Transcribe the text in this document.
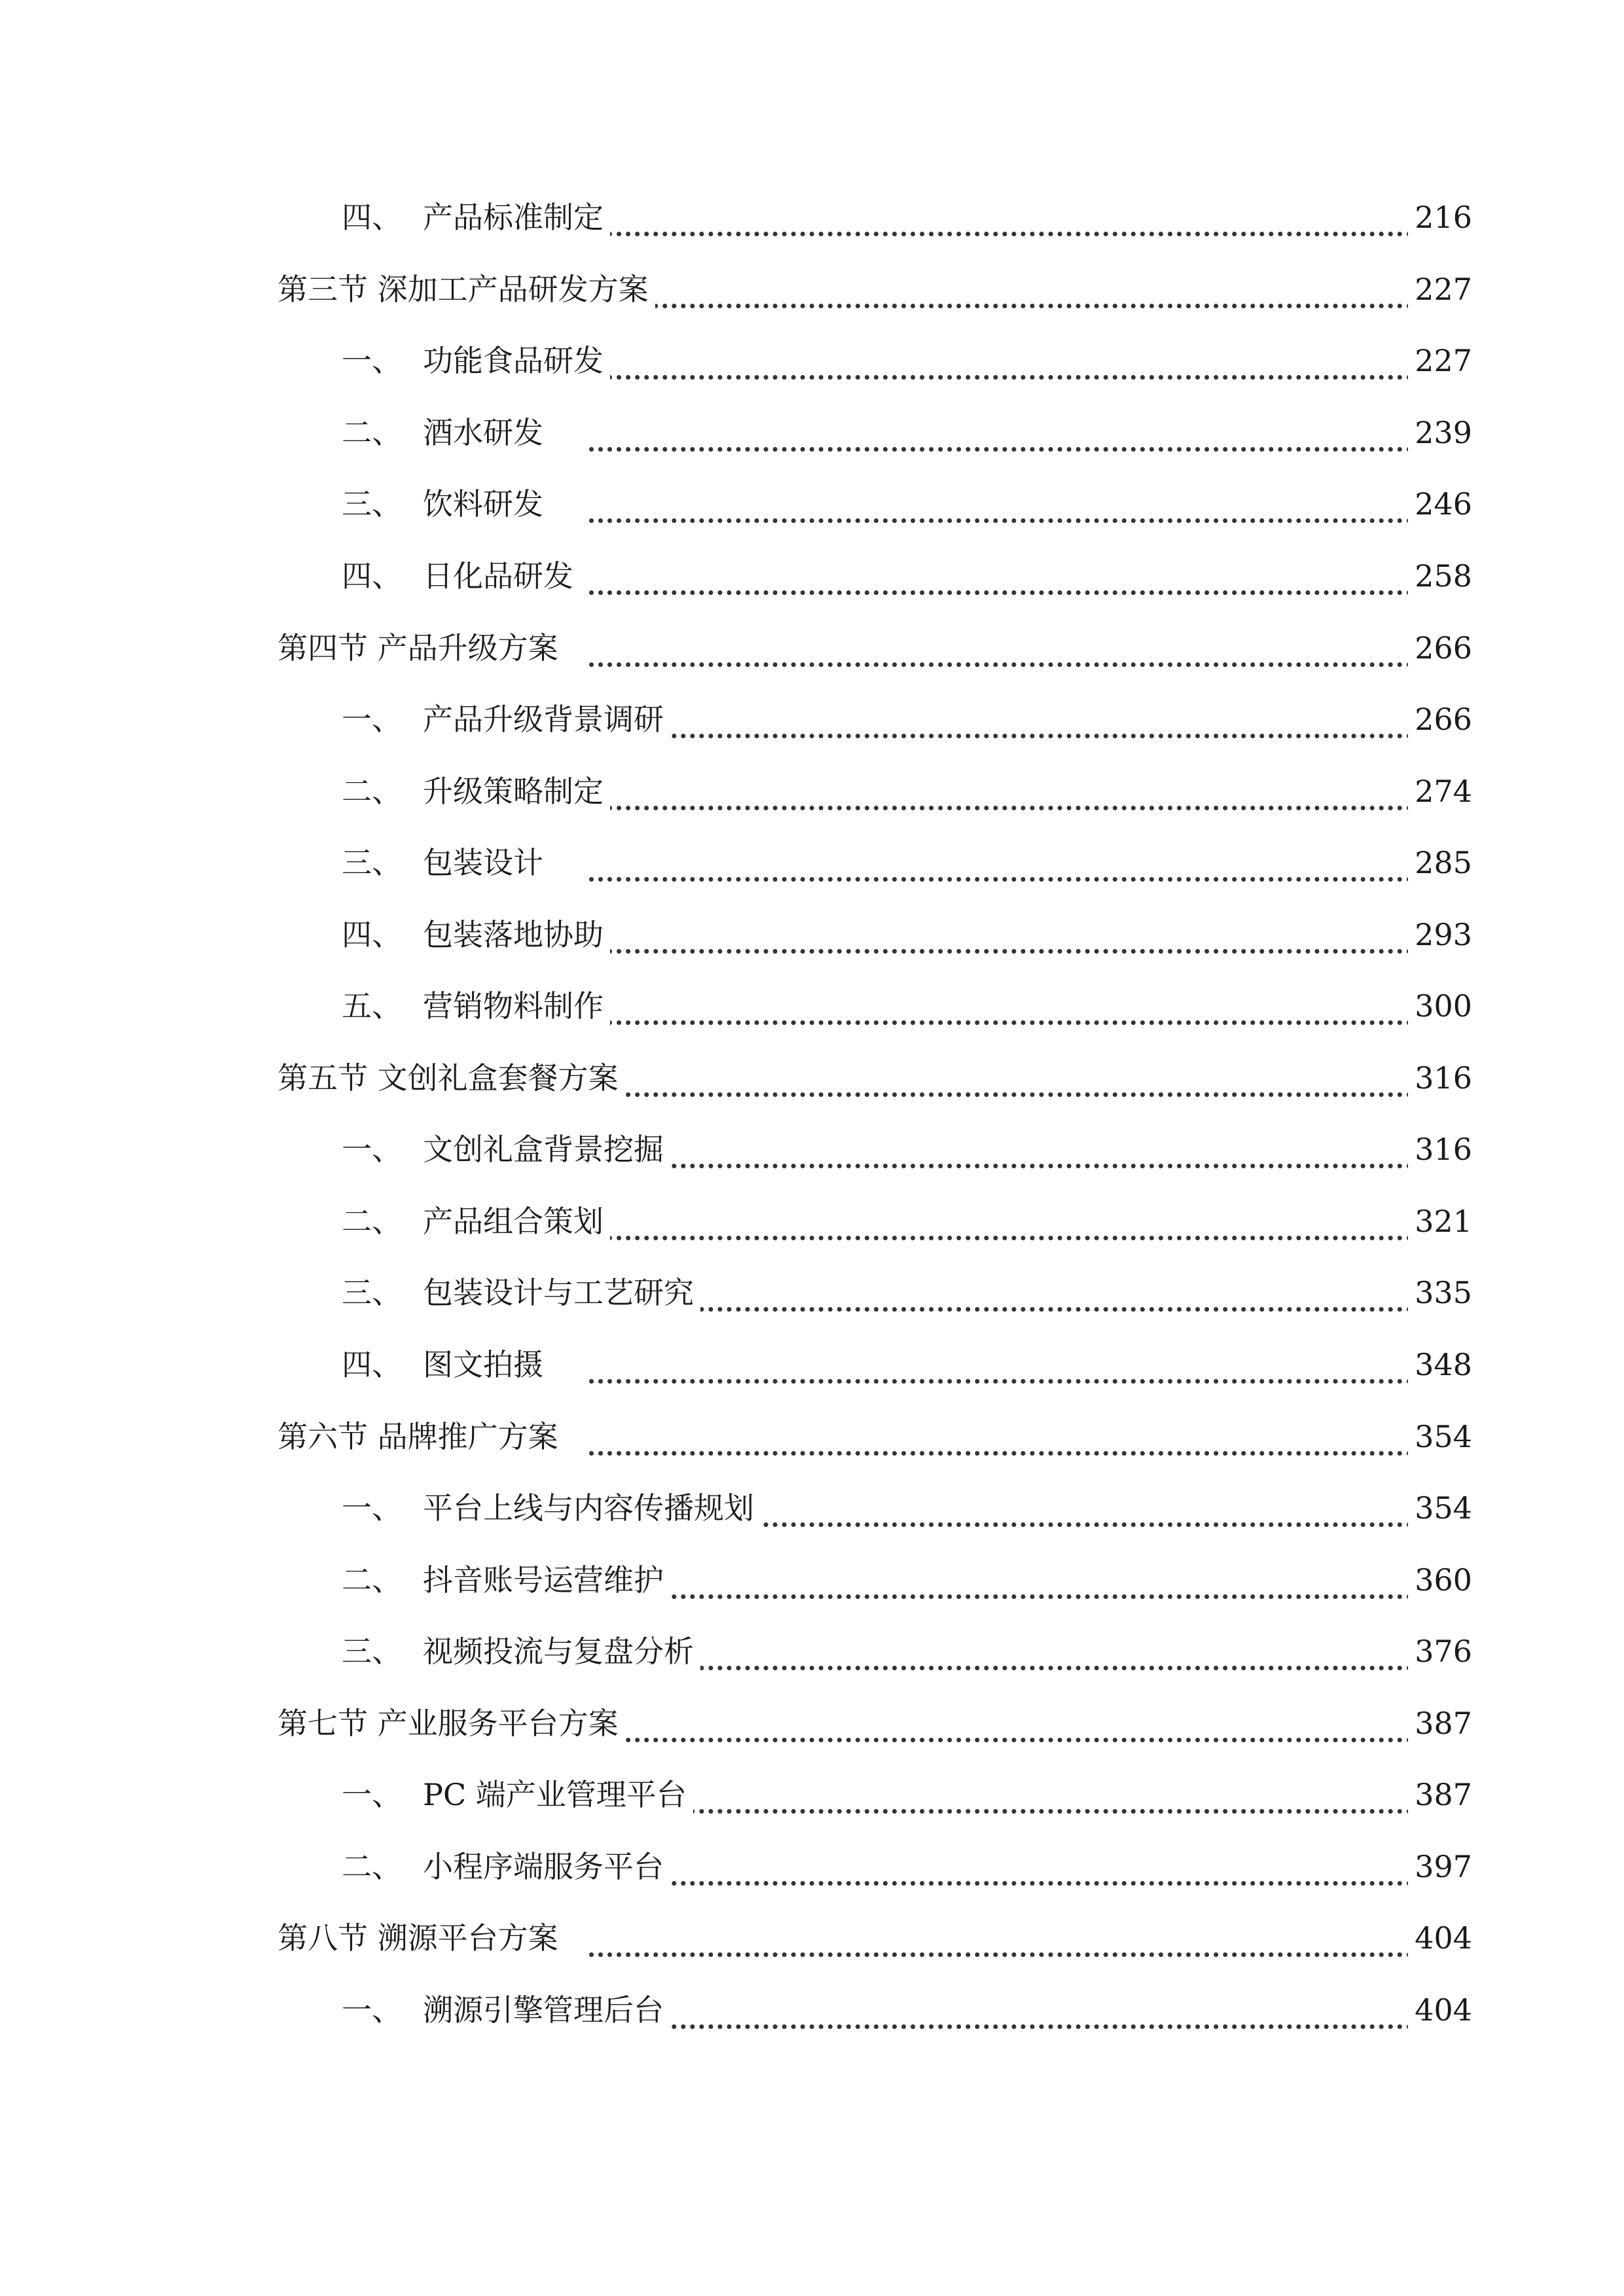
四、 产品标准制定	216
第三节 深加工产品研发方案	227
一、 功能食品研发	227
二、 酒水研发	239
三、 饮料研发	246
四、 日化品研发	258
第四节 产品升级方案	266
一、 产品升级背景调研	266
二、 升级策略制定	274
三、 包装设计	285
四、 包装落地协助	293
五、 营销物料制作	300
第五节 文创礼盒套餐方案	316
一、 文创礼盒背景挖掘	316
二、 产品组合策划	321
三、 包装设计与工艺研究	335
四、 图文拍摄	348
第六节 品牌推广方案	354
一、 平台上线与内容传播规划	354
二、 抖音账号运营维护	360
三、 视频投流与复盘分析	376
第七节 产业服务平台方案	387
一、 PC 端产业管理平台	387
二、 小程序端服务平台	397
第八节 溯源平台方案	404
一、 溯源引擎管理后台	404
